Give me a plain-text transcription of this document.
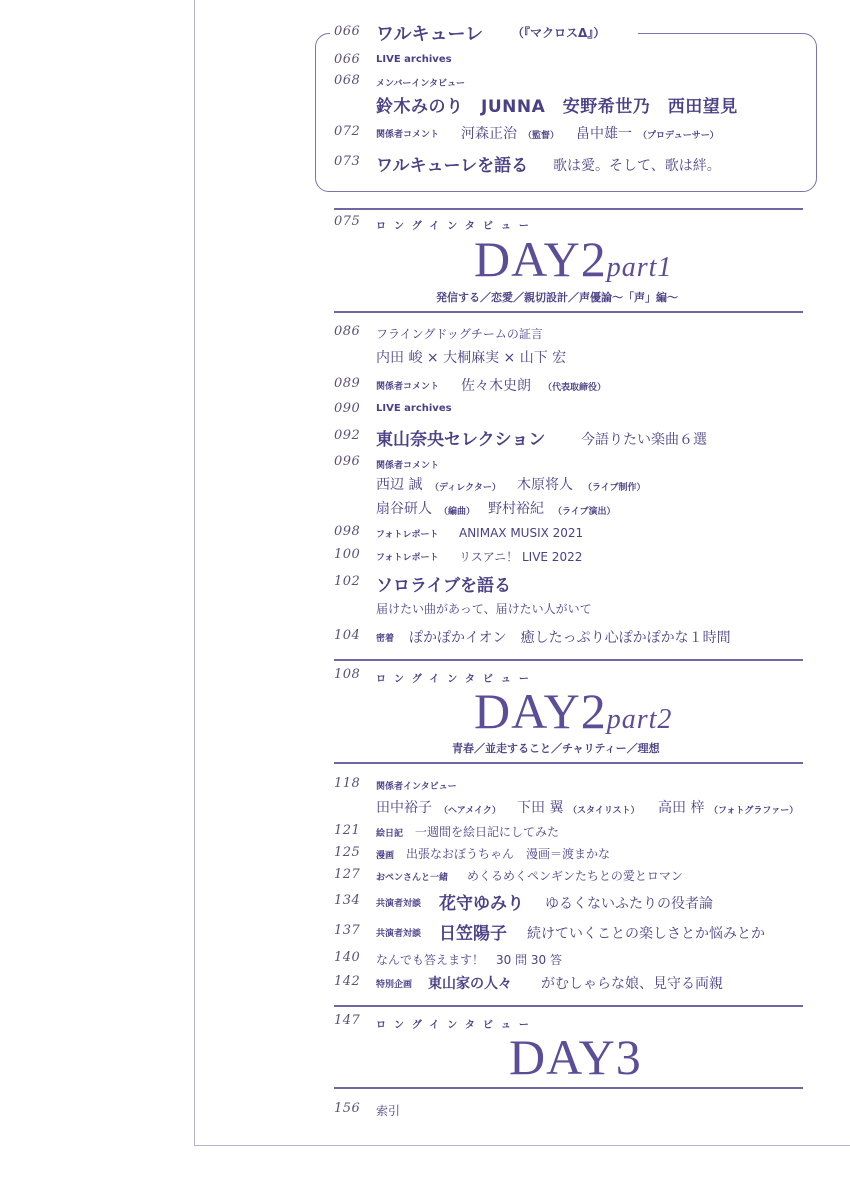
066 ワルキューレ （『マクロスΔ』）
066 LIVE archives
068 メンバーインタビュー
鈴木みのり　JUNNA　安野希世乃　西田望見
072 関係者コメント 河森正治 （監督） 畠中雄一 （プロデューサー）
073 ワルキューレを語る 歌は愛。そして、歌は絆。
075 ロングインタビュー
DAY2part1
発信する／恋愛／親切設計／声優論～「声」編～
086 フライングドッグチームの証言
内田 峻 × 大桐麻実 × 山下 宏
089 関係者コメント 佐々木史朗 （代表取締役）
090 LIVE archives
092 東山奈央セレクション	今語りたい楽曲６選
096 関係者コメント
西辺 誠 （ディレクター） 木原将人 （ライブ制作）
扇谷研人 （編曲） 野村裕紀 （ライブ演出）
098 フォトレポート ANIMAX MUSIX 2021
100 フォトレポート リスアニ！ LIVE 2022
102 ソロライブを語る
届けたい曲があって、届けたい人がいて
104 密着 ぽかぽかイオン　癒したっぷり心ぽかぽかな１時間
108 ロングインタビュー
DAY2part2
青春／並走すること／チャリティー／理想
118 関係者インタビュー
田中裕子 （ヘアメイク） 下田 翼 （スタイリスト） 高田 梓 （フォトグラファー）
121 絵日記 一週間を絵日記にしてみた
125 漫画 出張なおぼうちゃん　漫画＝渡まかな
127 おペンさんと一緒 めくるめくペンギンたちとの愛とロマン
134 共演者対談 花守ゆみり ゆるくないふたりの役者論
137 共演者対談 日笠陽子 続けていくことの楽しさとか悩みとか
140 なんでも答えます！　30 問 30 答
142 特別企画 東山家の人々 がむしゃらな娘、見守る両親
147 ロングインタビュー
DAY3
156 索引
